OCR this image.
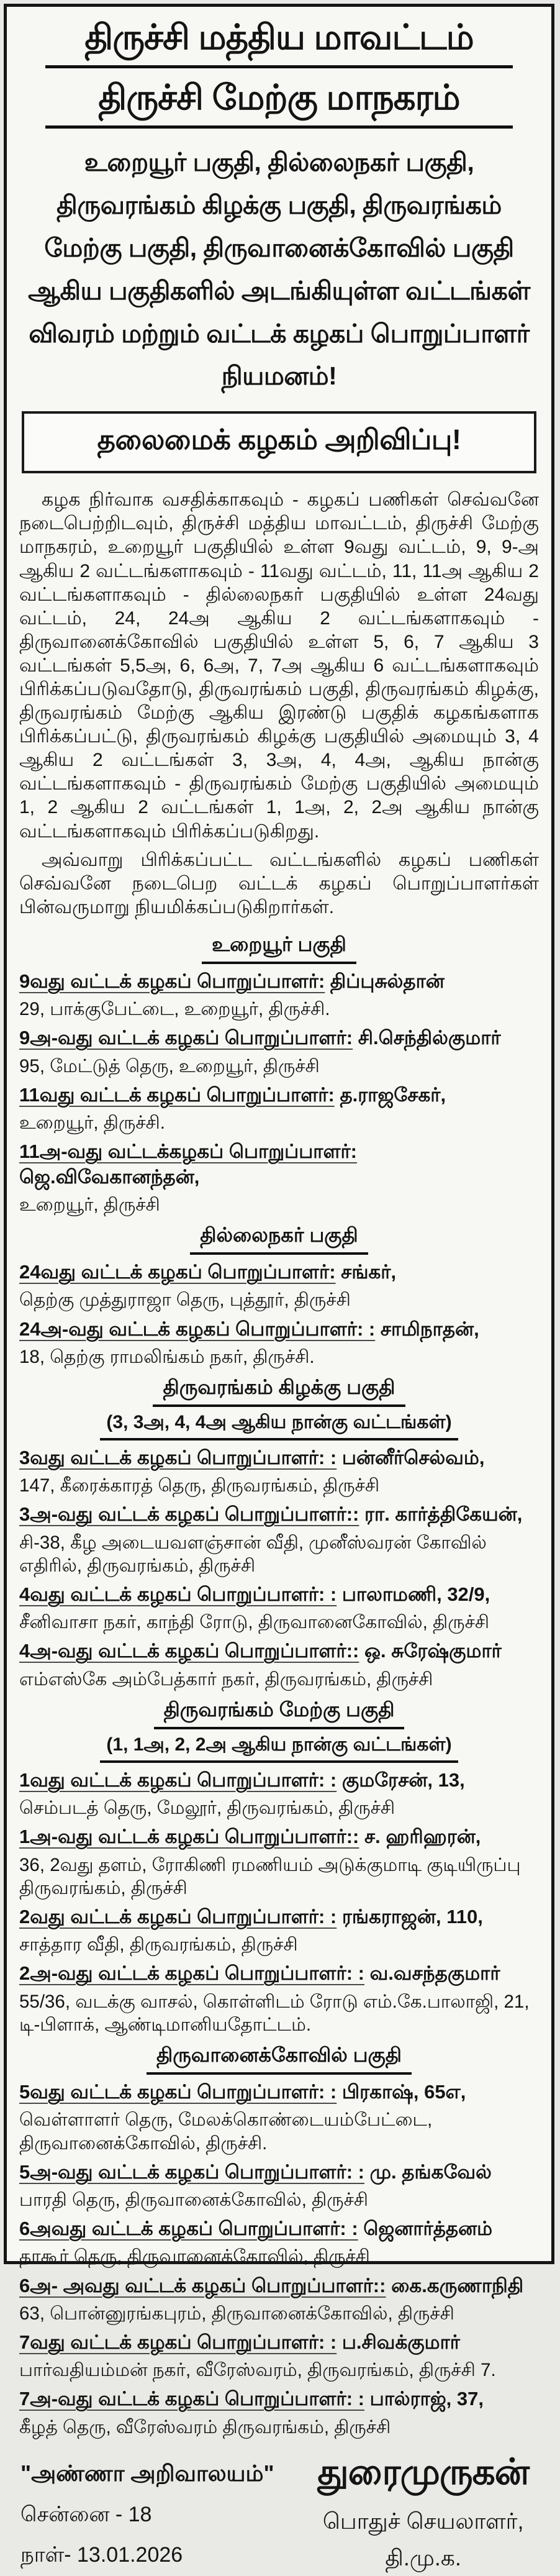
திருச்சி மத்திய மாவட்டம்
திருச்சி மேற்கு மாநகரம்
உறையூர் பகுதி, தில்லைநகர் பகுதி, திருவரங்கம் கிழக்கு பகுதி, திருவரங்கம் மேற்கு பகுதி, திருவானைக்கோவில் பகுதி ஆகிய பகுதிகளில் அடங்கியுள்ள வட்டங்கள் விவரம் மற்றும் வட்டக் கழகப் பொறுப்பாளர் நியமனம்!
தலைமைக் கழகம் அறிவிப்பு!

கழக நிர்வாக வசதிக்காகவும் - கழகப் பணிகள் செவ்வனே நடைபெற்றிடவும், திருச்சி மத்திய மாவட்டம், திருச்சி மேற்கு மாநகரம், உறையூர் பகுதியில் உள்ள 9வது வட்டம், 9, 9-அ ஆகிய 2 வட்டங்களாகவும் - 11வது வட்டம், 11, 11அ ஆகிய 2 வட்டங்களாகவும் - தில்லைநகர் பகுதியில் உள்ள 24வது வட்டம், 24, 24அ ஆகிய 2 வட்டங்களாகவும் - திருவானைக்கோவில் பகுதியில் உள்ள 5, 6, 7 ஆகிய 3 வட்டங்கள் 5,5அ, 6, 6அ, 7, 7அ ஆகிய 6 வட்டங்களாகவும் பிரிக்கப்படுவதோடு, திருவரங்கம் பகுதி, திருவரங்கம் கிழக்கு, திருவரங்கம் மேற்கு ஆகிய இரண்டு பகுதிக் கழகங்களாக பிரிக்கப்பட்டு, திருவரங்கம் கிழக்கு பகுதியில் அமையும் 3, 4 ஆகிய 2 வட்டங்கள் 3, 3அ, 4, 4அ, ஆகிய நான்கு வட்டங்களாகவும் - திருவரங்கம் மேற்கு பகுதியில் அமையும் 1, 2 ஆகிய 2 வட்டங்கள் 1, 1அ, 2, 2அ ஆகிய நான்கு வட்டங்களாகவும் பிரிக்கப்படுகிறது.

அவ்வாறு பிரிக்கப்பட்ட வட்டங்களில் கழகப் பணிகள் செவ்வனே நடைபெற வட்டக் கழகப் பொறுப்பாளர்கள் பின்வருமாறு நியமிக்கப்படுகிறார்கள்.

உறையூர் பகுதி
9வது வட்டக் கழகப் பொறுப்பாளர்: திப்புசுல்தான்
29, பாக்குபேட்டை, உறையூர், திருச்சி.
9அ-வது வட்டக் கழகப் பொறுப்பாளர்: சி.செந்தில்குமார்
95, மேட்டுத் தெரு, உறையூர், திருச்சி
11வது வட்டக் கழகப் பொறுப்பாளர்: த.ராஜசேகர்,
உறையூர், திருச்சி.
11அ-வது வட்டக்கழகப் பொறுப்பாளர்: ஜெ.விவேகானந்தன்,
உறையூர், திருச்சி
தில்லைநகர் பகுதி
24வது வட்டக் கழகப் பொறுப்பாளர்: சங்கர்,
தெற்கு முத்துராஜா தெரு, புத்தூர், திருச்சி
24அ-வது வட்டக் கழகப் பொறுப்பாளர்: : சாமிநாதன்,
18, தெற்கு ராமலிங்கம் நகர், திருச்சி.
திருவரங்கம் கிழக்கு பகுதி
(3, 3அ, 4, 4அ ஆகிய நான்கு வட்டங்கள்)
3வது வட்டக் கழகப் பொறுப்பாளர்: : பன்னீர்செல்வம்,
147, கீரைக்காரத் தெரு, திருவரங்கம், திருச்சி
3அ-வது வட்டக் கழகப் பொறுப்பாளர்:: ரா. கார்த்திகேயன்,
சி-38, கீழ அடையவளஞ்சான் வீதி, முனீஸ்வரன் கோவில் எதிரில், திருவரங்கம், திருச்சி
4வது வட்டக் கழகப் பொறுப்பாளர்: : பாலாமணி, 32/9,
சீனிவாசா நகர், காந்தி ரோடு, திருவானைகோவில், திருச்சி
4அ-வது வட்டக் கழகப் பொறுப்பாளர்:: ஒ. சுரேஷ்குமார்
எம்எஸ்கே அம்பேத்கார் நகர், திருவரங்கம், திருச்சி
திருவரங்கம் மேற்கு பகுதி
(1, 1அ, 2, 2அ ஆகிய நான்கு வட்டங்கள்)
1வது வட்டக் கழகப் பொறுப்பாளர்: : குமரேசன், 13,
செம்படத் தெரு, மேலூர், திருவரங்கம், திருச்சி
1அ-வது வட்டக் கழகப் பொறுப்பாளர்:: ச. ஹரிஹரன்,
36, 2வது தளம், ரோகிணி ரமணியம் அடுக்குமாடி குடியிருப்பு திருவரங்கம், திருச்சி
2வது வட்டக் கழகப் பொறுப்பாளர்: : ரங்கராஜன், 110,
சாத்தார வீதி, திருவரங்கம், திருச்சி
2அ-வது வட்டக் கழகப் பொறுப்பாளர்: : வ.வசந்தகுமார்
55/36, வடக்கு வாசல், கொள்ளிடம் ரோடு எம்.கே.பாலாஜி, 21, டி-பிளாக், ஆண்டிமானியதோட்டம்.
திருவானைக்கோவில் பகுதி
5வது வட்டக் கழகப் பொறுப்பாளர்: : பிரகாஷ், 65எ,
வெள்ளாளர் தெரு, மேலக்கொண்டையம்பேட்டை, திருவானைக்கோவில், திருச்சி.
5அ-வது வட்டக் கழகப் பொறுப்பாளர்: : மு. தங்கவேல்
பாரதி தெரு, திருவானைக்கோவில், திருச்சி
6அவது வட்டக் கழகப் பொறுப்பாளர்: : ஜெனார்த்தனம்
தாகூர் தெரு, திருவானைக்கோவில், திருச்சி
6அ- அவது வட்டக் கழகப் பொறுப்பாளர்:: கை.கருணாநிதி
63, பொன்னுரங்கபுரம், திருவானைக்கோவில், திருச்சி
7வது வட்டக் கழகப் பொறுப்பாளர்: : ப.சிவக்குமார்
பார்வதியம்மன் நகர், வீரேஸ்வரம், திருவரங்கம், திருச்சி 7.
7அ-வது வட்டக் கழகப் பொறுப்பாளர்: : பால்ராஜ், 37,
கீழத் தெரு, வீரேஸ்வரம் திருவரங்கம், திருச்சி
"அண்ணா அறிவாலயம்"
சென்னை - 18
நாள்- 13.01.2026
துரைமுருகன்
பொதுச் செயலாளர்,
தி.மு.க.
